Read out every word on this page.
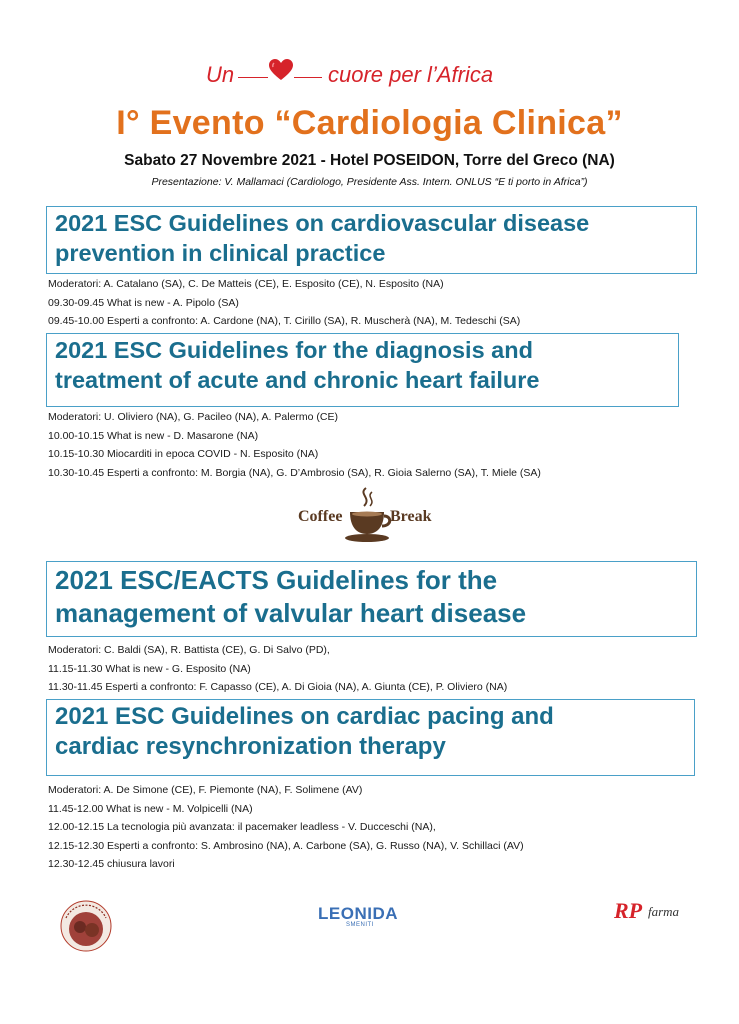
Un	cuore per l’Africa
I° Evento “Cardiologia Clinica”
Sabato 27 Novembre 2021 - Hotel POSEIDON, Torre del Greco (NA)
Presentazione: V. Mallamaci (Cardiologo, Presidente Ass. Intern. ONLUS “E ti porto in Africa”)

2021 ESC Guidelines on cardiovascular disease

prevention in clinical practice

Moderatori: A. Catalano (SA), C. De Matteis (CE), E. Esposito (CE), N. Esposito (NA)
09.30-09.45 What is new - A. Pipolo (SA)
09.45-10.00 Esperti a confronto: A. Cardone (NA), T. Cirillo (SA), R. Muscherà (NA), M. Tedeschi (SA)

2021 ESC Guidelines for the diagnosis and

treatment of acute and chronic heart failure

Moderatori: U. Oliviero (NA), G. Pacileo (NA), A. Palermo (CE)
10.00-10.15 What is new - D. Masarone (NA)
10.15-10.30 Miocarditi in epoca COVID - N. Esposito (NA)
10.30-10.45 Esperti a confronto: M. Borgia (NA), G. D’Ambrosio (SA), R. Gioia Salerno (SA), T. Miele (SA)
Coffee	Break

2021 ESC/EACTS Guidelines for the

management of valvular heart disease

Moderatori: C. Baldi (SA), R. Battista (CE), G. Di Salvo (PD),
11.15-11.30 What is new - G. Esposito (NA)
11.30-11.45 Esperti a confronto: F. Capasso (CE), A. Di Gioia (NA), A. Giunta (CE), P. Oliviero (NA)

2021 ESC Guidelines on cardiac pacing and

cardiac resynchronization therapy

Moderatori: A. De Simone (CE), F. Piemonte (NA), F. Solimene (AV)
11.45-12.00 What is new - M. Volpicelli (NA)
12.00-12.15 La tecnologia più avanzata: il pacemaker leadless - V. Ducceschi (NA),
12.15-12.30 Esperti a confronto: S. Ambrosino (NA), A. Carbone (SA), G. Russo (NA), V. Schillaci (AV)
12.30-12.45 chiusura lavori
LEONIDA
SMENITI
RP farma
